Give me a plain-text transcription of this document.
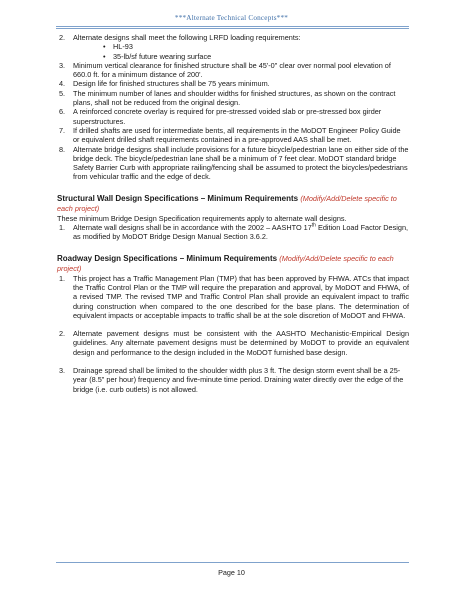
***Alternate Technical Concepts***
2. Alternate designs shall meet the following LRFD loading requirements:
• HL-93
• 35-lb/sf future wearing surface
3. Minimum vertical clearance for finished structure shall be 45'-0" clear over normal pool elevation of 660.0 ft. for a minimum distance of 200'.
4. Design life for finished structures shall be 75 years minimum.
5. The minimum number of lanes and shoulder widths for finished structures, as shown on the contract plans, shall not be reduced from the original design.
6. A reinforced concrete overlay is required for pre-stressed voided slab or pre-stressed box girder superstructures.
7. If drilled shafts are used for intermediate bents, all requirements in the MoDOT Engineer Policy Guide or equivalent drilled shaft requirements contained in a pre-approved AAS shall be met.
8. Alternate bridge designs shall include provisions for a future bicycle/pedestrian lane on either side of the bridge deck. The bicycle/pedestrian lane shall be a minimum of 7 feet clear. MoDOT standard bridge Safety Barrier Curb with appropriate railing/fencing shall be assumed to protect the bicycles/pedestrians from vehicular traffic and the edge of deck.
Structural Wall Design Specifications – Minimum Requirements (Modify/Add/Delete specific to each project)

These minimum Bridge Design Specification requirements apply to alternate wall designs.

1. Alternate wall designs shall be in accordance with the 2002 – AASHTO 17th Edition Load Factor Design, as modified by MoDOT Bridge Design Manual Section 3.6.2.
Roadway Design Specifications – Minimum Requirements (Modify/Add/Delete specific to each project)
1. This project has a Traffic Management Plan (TMP) that has been approved by FHWA. ATCs that impact the Traffic Control Plan or the TMP will require the preparation and approval, by MoDOT and FHWA, of a revised TMP. The revised TMP and Traffic Control Plan shall provide an equivalent impact to traffic during construction when compared to the one described for the base plans. The determination of equivalent impacts or acceptable impacts to traffic shall be at the sole discretion of MoDOT and FHWA.
2. Alternate pavement designs must be consistent with the AASHTO Mechanistic-Empirical Design guidelines. Any alternate pavement designs must be determined by MoDOT to provide an equivalent design and performance to the design included in the MoDOT furnished base design.
3. Drainage spread shall be limited to the shoulder width plus 3 ft. The design storm event shall be a 25-year (8.5" per hour) frequency and five-minute time period. Draining water directly over the edge of the bridge (i.e. curb outlets) is not allowed.
Page 10
